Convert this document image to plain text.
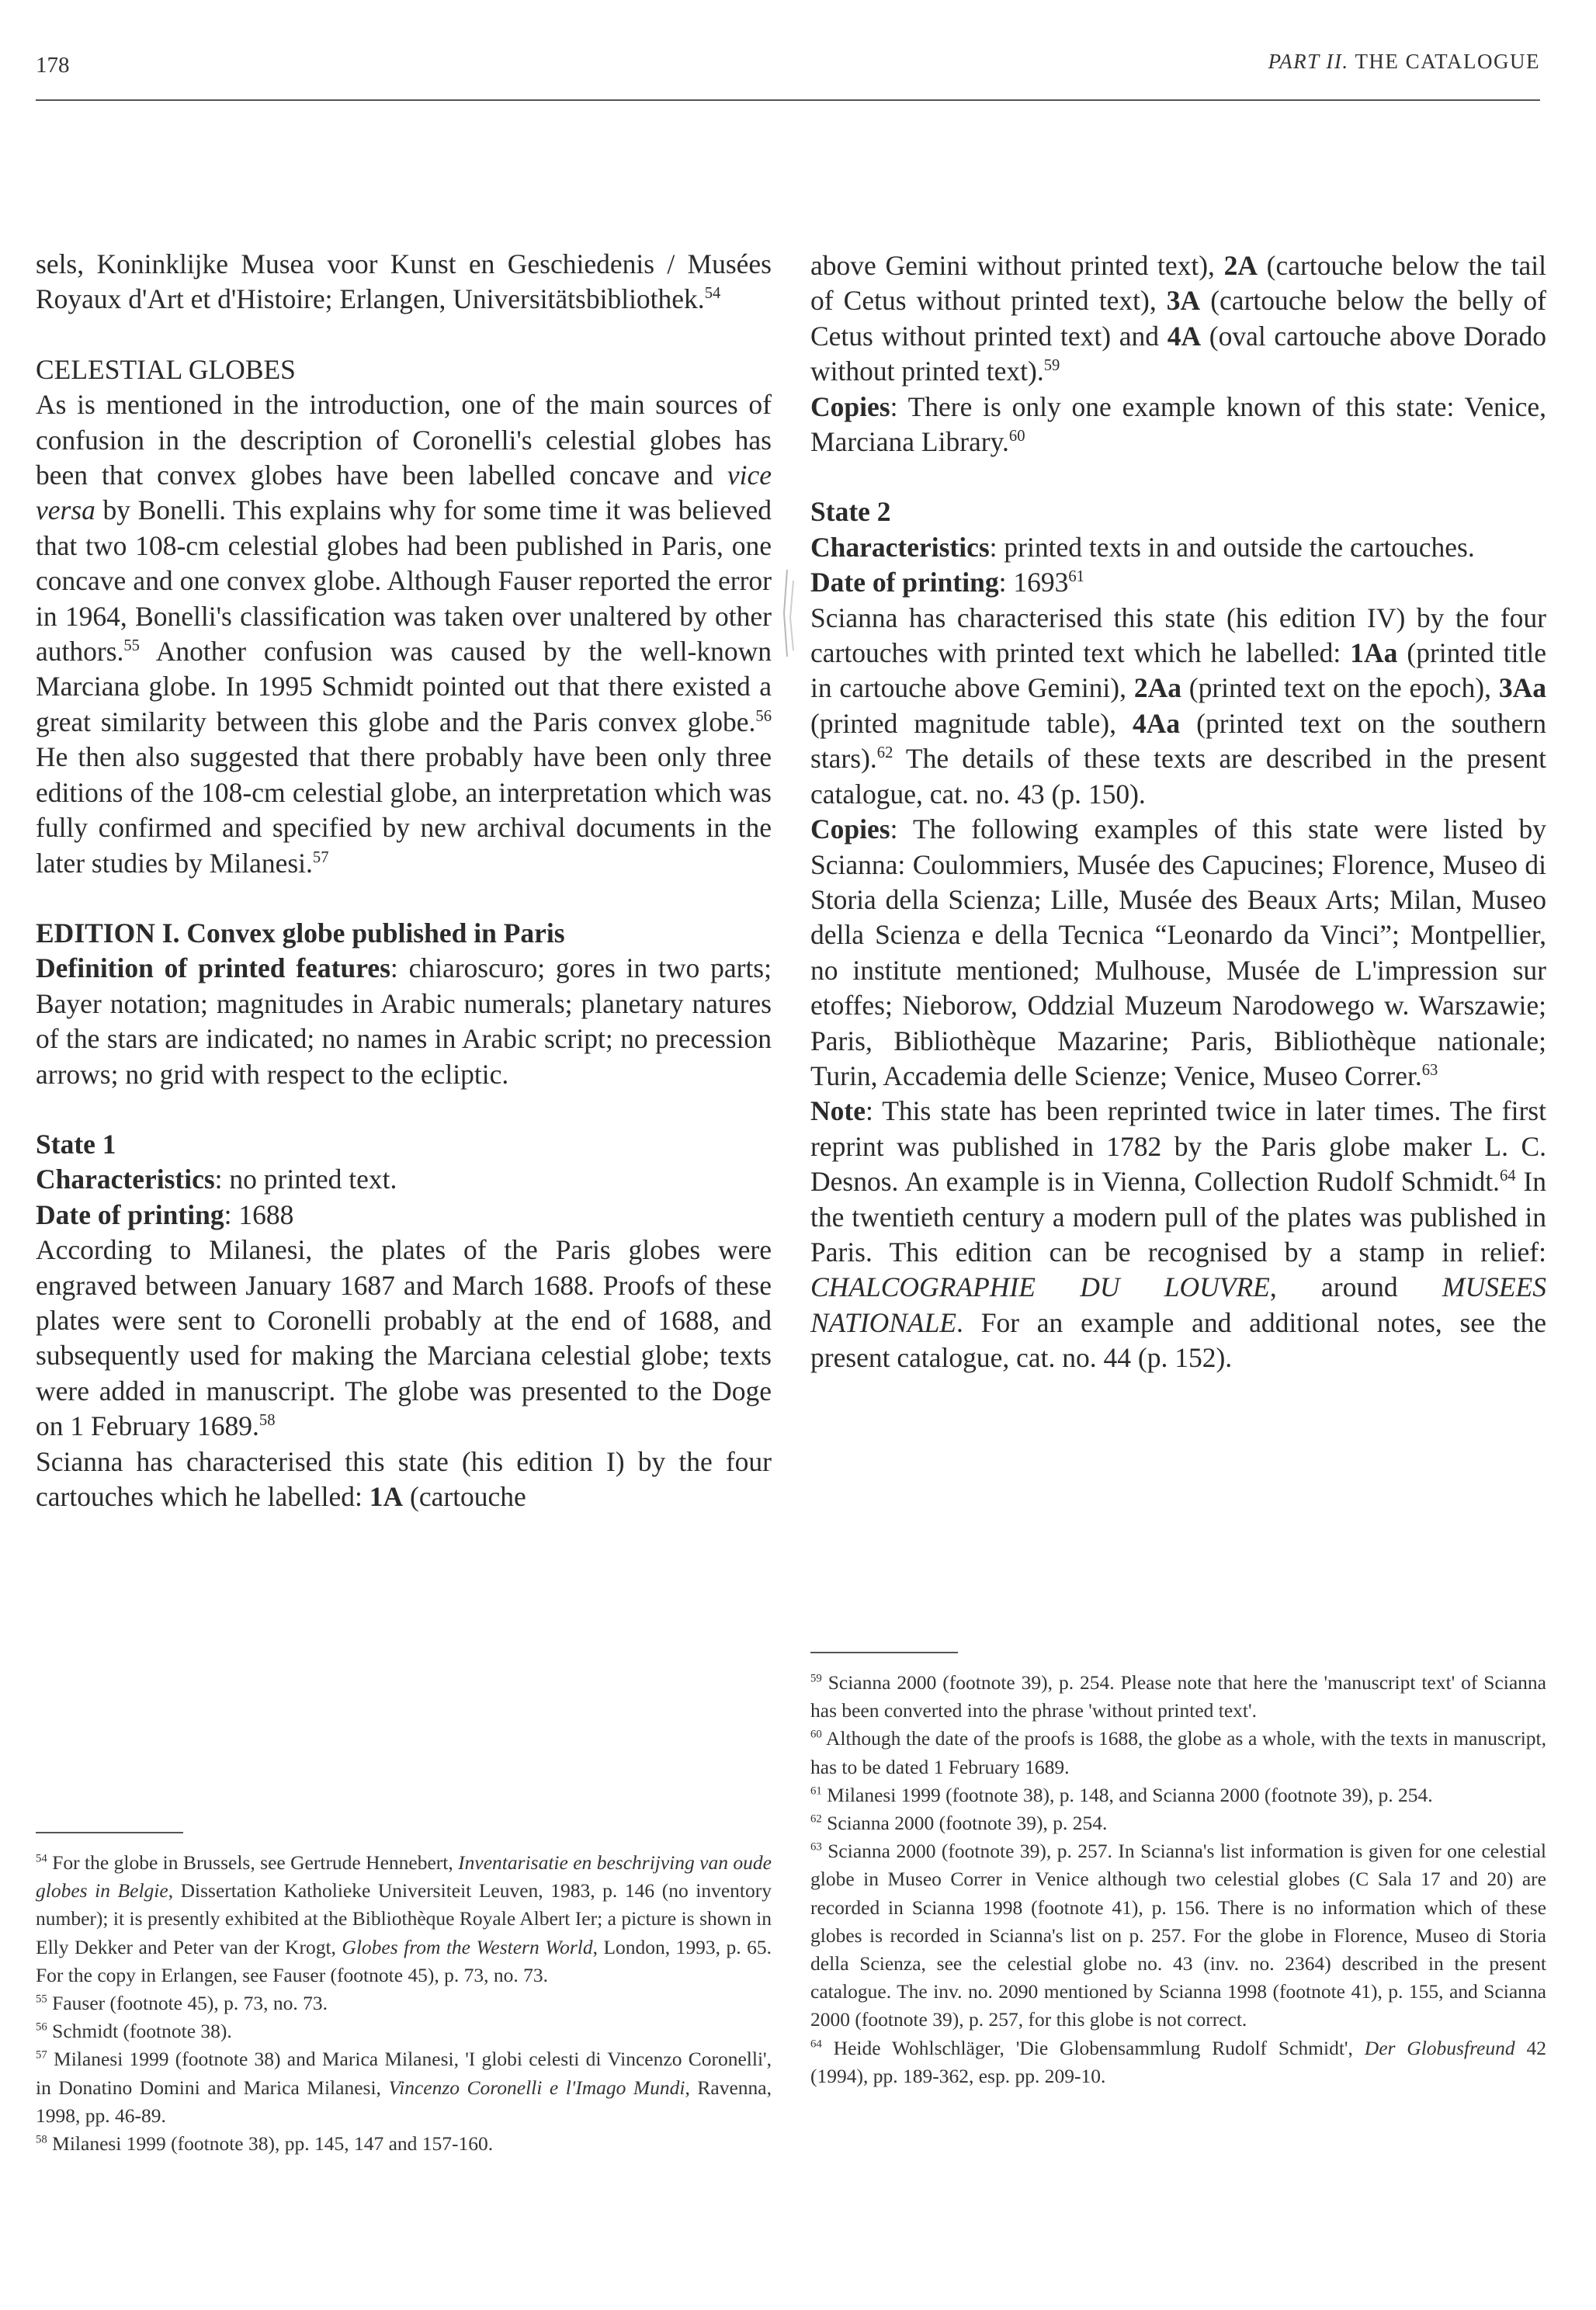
178	PART II. THE CATALOGUE

sels, Koninklijke Musea voor Kunst en Geschiedenis / Musées Royaux d'Art et d'Histoire; Erlangen, Universitätsbibliothek.$^{54}$

CELESTIAL GLOBES

As is mentioned in the introduction, one of the main sources of confusion in the description of Coronelli's celestial globes has been that convex globes have been labelled concave and vice versa by Bonelli. This explains why for some time it was believed that two 108-cm celestial globes had been published in Paris, one concave and one convex globe. Although Fauser reported the error in 1964, Bonelli's classification was taken over unaltered by other authors.$^{55}$ Another confusion was caused by the well-known Marciana globe. In 1995 Schmidt pointed out that there existed a great similarity between this globe and the Paris convex globe.$^{56}$ He then also suggested that there probably have been only three editions of the 108-cm celestial globe, an interpretation which was fully confirmed and specified by new archival documents in the later studies by Milanesi.$^{57}$

EDITION I. Convex globe published in Paris

Definition of printed features: chiaroscuro; gores in two parts; Bayer notation; magnitudes in Arabic numerals; planetary natures of the stars are indicated; no names in Arabic script; no precession arrows; no grid with respect to the ecliptic.

State 1

Characteristics: no printed text.

Date of printing: 1688

According to Milanesi, the plates of the Paris globes were engraved between January 1687 and March 1688. Proofs of these plates were sent to Coronelli probably at the end of 1688, and subsequently used for making the Marciana celestial globe; texts were added in manuscript. The globe was presented to the Doge on 1 February 1689.58

Scianna has characterised this state (his edition I) by the four cartouches which he labelled: 1A (cartouche

above Gemini without printed text), 2A (cartouche below the tail of Cetus without printed text), 3A (cartouche below the belly of Cetus without printed text) and 4A (oval cartouche above Dorado without printed text).$^{59}$

Copies: There is only one example known of this state: Venice, Marciana Library.$^{60}$

State 2

Characteristics: printed texts in and outside the cartouches.

Date of printing: 1693$^{61}$

Scianna has characterised this state (his edition IV) by the four cartouches with printed text which he labelled: 1Aa (printed title in cartouche above Gemini), 2Aa (printed text on the epoch), 3Aa (printed magnitude table), 4Aa (printed text on the southern stars).$^{62}$ The details of these texts are described in the present catalogue, cat. no. 43 (p. 150).

Copies: The following examples of this state were listed by Scianna: Coulommiers, Musée des Capucines; Florence, Museo di Storia della Scienza; Lille, Musée des Beaux Arts; Milan, Museo della Scienza e della Tecnica “Leonardo da Vinci”; Montpellier, no institute mentioned; Mulhouse, Musée de L'impression sur etoffes; Nieborow, Oddzial Muzeum Narodowego w. Warszawie; Paris, Bibliothèque Mazarine; Paris, Bibliothèque nationale; Turin, Accademia delle Scienze; Venice, Museo Correr.$^{63}$

Note: This state has been reprinted twice in later times. The first reprint was published in 1782 by the Paris globe maker L. C. Desnos. An example is in Vienna, Collection Rudolf Schmidt.$^{64}$ In the twentieth century a modern pull of the plates was published in Paris. This edition can be recognised by a stamp in relief: CHALCOGRAPHIE DU LOUVRE, around MUSEES NATIONALE. For an example and additional notes, see the present catalogue, cat. no. 44 (p. 152).

$^{54}$ For the globe in Brussels, see Gertrude Hennebert, Inventarisatie en beschrijving van oude globes in Belgie, Dissertation Katholieke Universiteit Leuven, 1983, p. 146 (no inventory number); it is presently exhibited at the Bibliothèque Royale Albert Ier; a picture is shown in Elly Dekker and Peter van der Krogt, Globes from the Western World, London, 1993, p. 65. For the copy in Erlangen, see Fauser (footnote 45), p. 73, no. 73.

$^{55}$ Fauser (footnote 45), p. 73, no. 73.

$^{56}$ Schmidt (footnote 38).

$^{57}$ Milanesi 1999 (footnote 38) and Marica Milanesi, 'I globi celesti di Vincenzo Coronelli', in Donatino Domini and Marica Milanesi, Vincenzo Coronelli e l'Imago Mundi, Ravenna, 1998, pp. 46-89.

$^{58}$ Milanesi 1999 (footnote 38), pp. 145, 147 and 157-160.

$^{59}$ Scianna 2000 (footnote 39), p. 254. Please note that here the 'manuscript text' of Scianna has been converted into the phrase 'without printed text'.

$^{60}$ Although the date of the proofs is 1688, the globe as a whole, with the texts in manuscript, has to be dated 1 February 1689.

$^{61}$ Milanesi 1999 (footnote 38), p. 148, and Scianna 2000 (footnote 39), p. 254.

$^{62}$ Scianna 2000 (footnote 39), p. 254.

$^{63}$ Scianna 2000 (footnote 39), p. 257. In Scianna's list information is given for one celestial globe in Museo Correr in Venice although two celestial globes (C Sala 17 and 20) are recorded in Scianna 1998 (footnote 41), p. 156. There is no information which of these globes is recorded in Scianna's list on p. 257. For the globe in Florence, Museo di Storia della Scienza, see the celestial globe no. 43 (inv. no. 2364) described in the present catalogue. The inv. no. 2090 mentioned by Scianna 1998 (footnote 41), p. 155, and Scianna 2000 (footnote 39), p. 257, for this globe is not correct.

$^{64}$ Heide Wohlschläger, 'Die Globensammlung Rudolf Schmidt', Der Globusfreund 42 (1994), pp. 189-362, esp. pp. 209-10.
